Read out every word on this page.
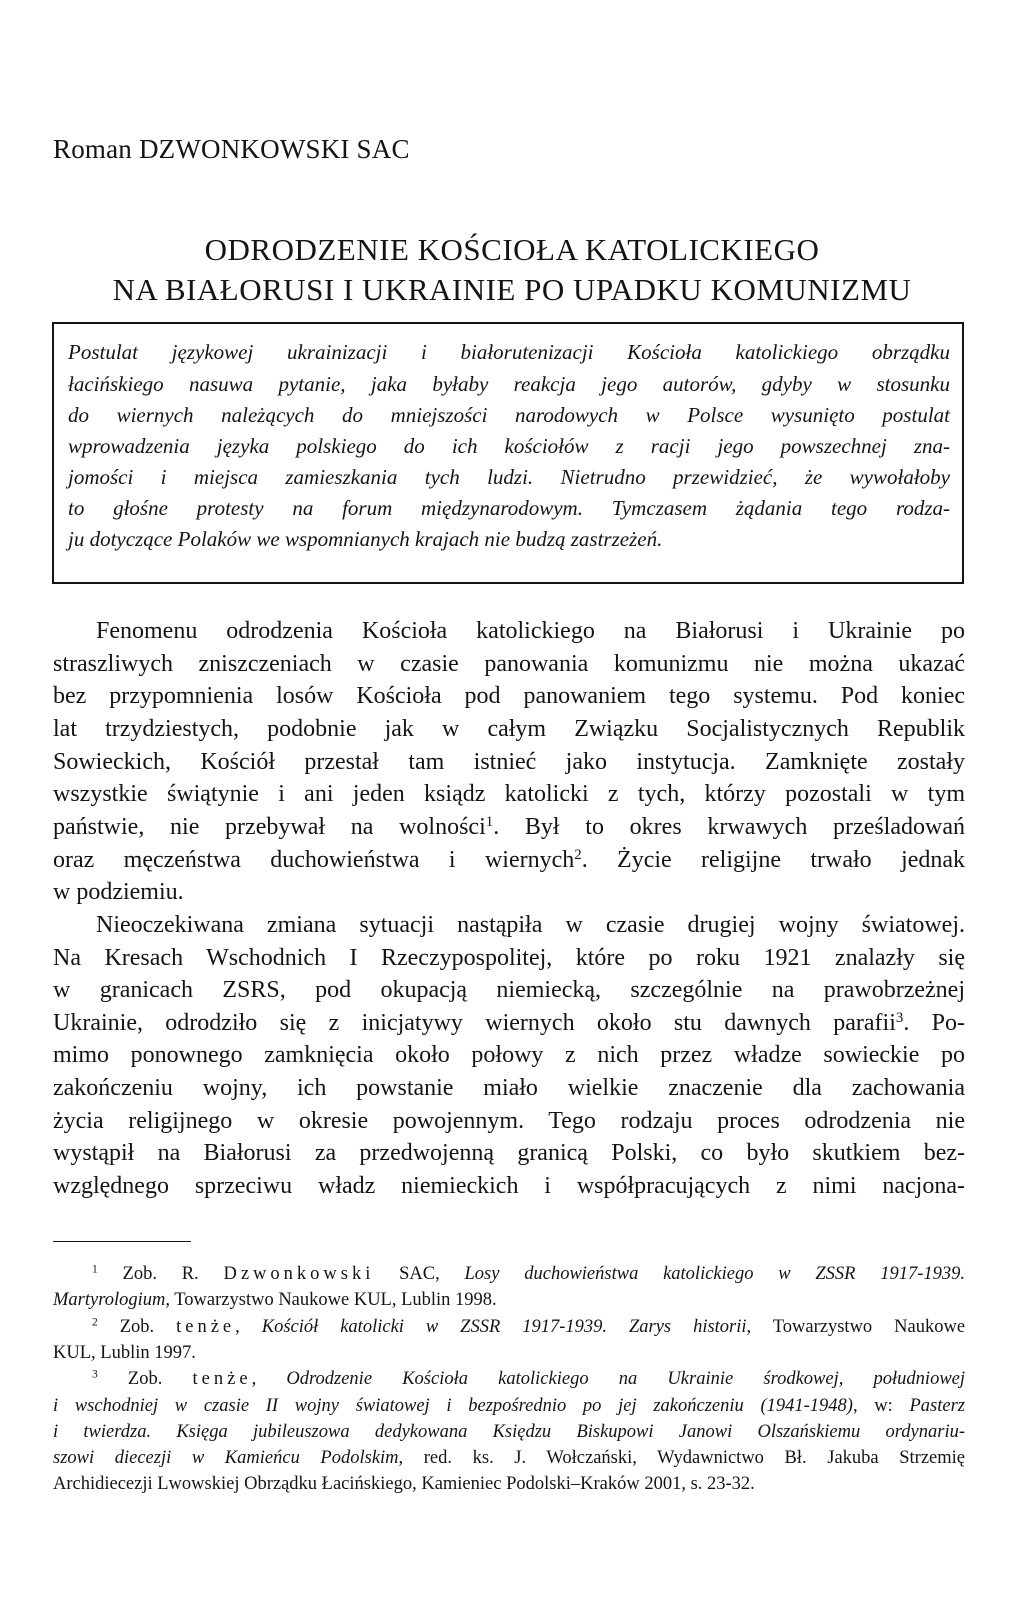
Roman DZWONKOWSKI SAC
ODRODZENIE KOŚCIOŁA KATOLICKIEGO
NA BIAŁORUSI I UKRAINIE PO UPADKU KOMUNIZMU
Postulat językowej ukrainizacji i białorutenizacji Kościoła katolickiego obrządku
łacińskiego nasuwa pytanie, jaka byłaby reakcja jego autorów, gdyby w stosunku
do wiernych należących do mniejszości narodowych w Polsce wysunięto postulat
wprowadzenia języka polskiego do ich kościołów z racji jego powszechnej zna-
jomości i miejsca zamieszkania tych ludzi. Nietrudno przewidzieć, że wywołałoby
to głośne protesty na forum międzynarodowym. Tymczasem żądania tego rodza-
ju dotyczące Polaków we wspomnianych krajach nie budzą zastrzeżeń.
Fenomenu odrodzenia Kościoła katolickiego na Białorusi i Ukrainie po
straszliwych zniszczeniach w czasie panowania komunizmu nie można ukazać
bez przypomnienia losów Kościoła pod panowaniem tego systemu. Pod koniec
lat trzydziestych, podobnie jak w całym Związku Socjalistycznych Republik
Sowieckich, Kościół przestał tam istnieć jako instytucja. Zamknięte zostały
wszystkie świątynie i ani jeden ksiądz katolicki z tych, którzy pozostali w tym
państwie, nie przebywał na wolności$^1$. Był to okres krwawych prześladowań
oraz męczeństwa duchowieństwa i wiernych$^2$. Życie religijne trwało jednak
w podziemiu.
Nieoczekiwana zmiana sytuacji nastąpiła w czasie drugiej wojny światowej.
Na Kresach Wschodnich I Rzeczypospolitej, które po roku 1921 znalazły się
w granicach ZSRS, pod okupacją niemiecką, szczególnie na prawobrzeżnej
Ukrainie, odrodziło się z inicjatywy wiernych około stu dawnych parafii$^3$. Po-
mimo ponownego zamknięcia około połowy z nich przez władze sowieckie po
zakończeniu wojny, ich powstanie miało wielkie znaczenie dla zachowania
życia religijnego w okresie powojennym. Tego rodzaju proces odrodzenia nie
wystąpił na Białorusi za przedwojenną granicą Polski, co było skutkiem bez-
względnego sprzeciwu władz niemieckich i współpracujących z nimi nacjona-
$^1$ Zob. R. Dzwonkowski SAC, Losy duchowieństwa katolickiego w ZSSR 1917-1939.
Martyrologium, Towarzystwo Naukowe KUL, Lublin 1998.
$^2$ Zob. tenże, Kościół katolicki w ZSSR 1917-1939. Zarys historii, Towarzystwo Naukowe
KUL, Lublin 1997.
$^3$ Zob. tenże, Odrodzenie Kościoła katolickiego na Ukrainie środkowej, południowej
i wschodniej w czasie II wojny światowej i bezpośrednio po jej zakończeniu (1941-1948), w: Pasterz
i twierdza. Księga jubileuszowa dedykowana Księdzu Biskupowi Janowi Olszańskiemu ordynariu-
szowi diecezji w Kamieńcu Podolskim, red. ks. J. Wołczański, Wydawnictwo Bł. Jakuba Strzemię
Archidiecezji Lwowskiej Obrządku Łacińskiego, Kamieniec Podolski–Kraków 2001, s. 23-32.
